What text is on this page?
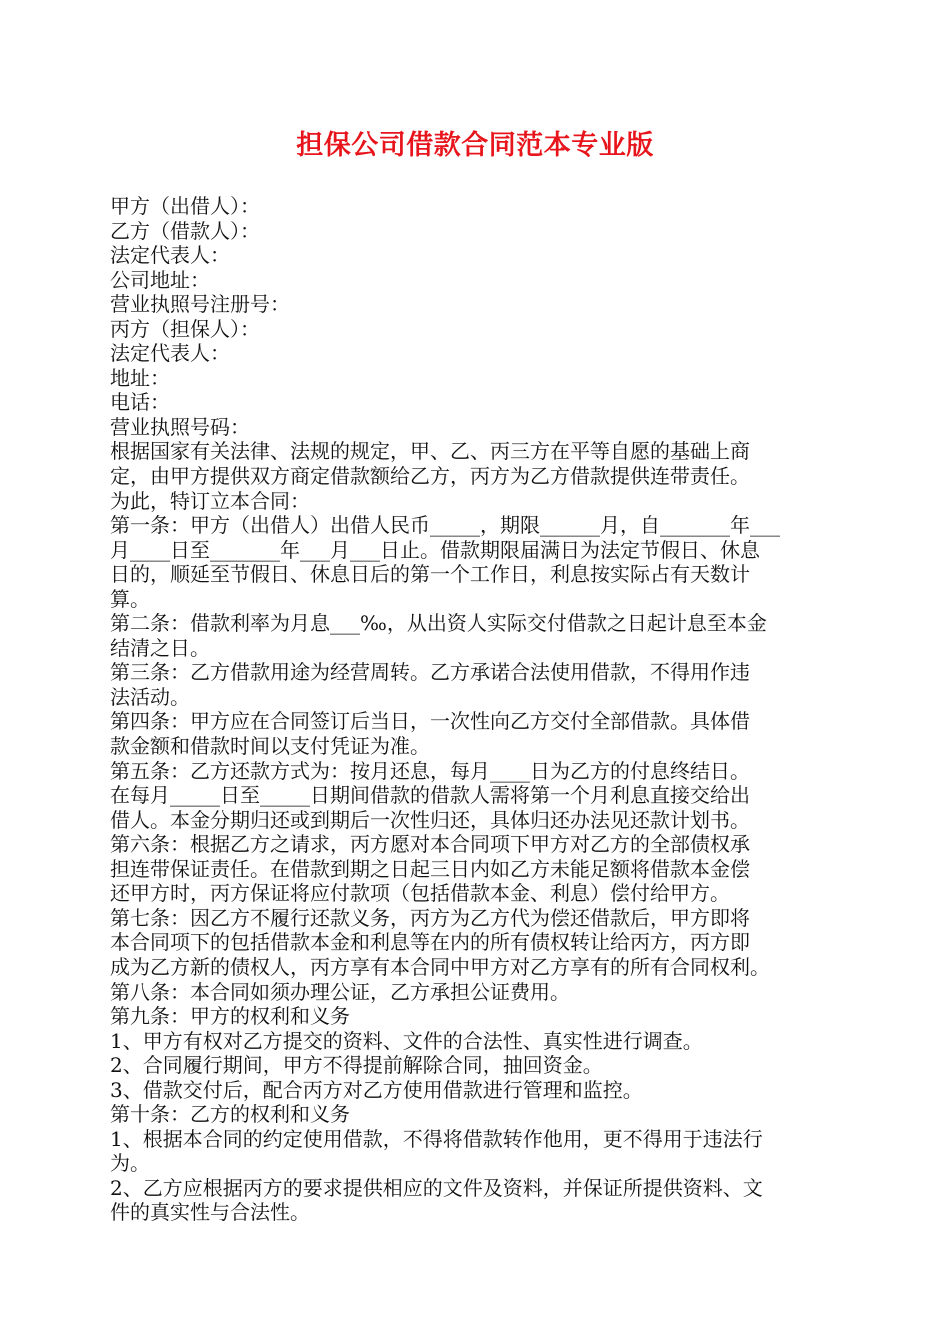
担保公司借款合同范本专业版
甲方（出借人）：
乙方（借款人）：
法定代表人：
公司地址：
营业执照号注册号：
丙方（担保人）：
法定代表人：
地址：
电话：
营业执照号码：
根据国家有关法律、法规的规定，甲、乙、丙三方在平等自愿的基础上商
定，由甲方提供双方商定借款额给乙方，丙方为乙方借款提供连带责任。
为此，特订立本合同：
第一条：甲方（出借人）出借人民币_____，期限______月，自_______年___
月____日至_______年___月___日止。借款期限届满日为法定节假日、休息
日的，顺延至节假日、休息日后的第一个工作日，利息按实际占有天数计
算。
第二条：借款利率为月息___‰，从出资人实际交付借款之日起计息至本金
结清之日。
第三条：乙方借款用途为经营周转。乙方承诺合法使用借款，不得用作违
法活动。
第四条：甲方应在合同签订后当日，一次性向乙方交付全部借款。具体借
款金额和借款时间以支付凭证为准。
第五条：乙方还款方式为：按月还息，每月____日为乙方的付息终结日。
在每月_____日至_____日期间借款的借款人需将第一个月利息直接交给出
借人。本金分期归还或到期后一次性归还，具体归还办法见还款计划书。
第六条：根据乙方之请求，丙方愿对本合同项下甲方对乙方的全部债权承
担连带保证责任。在借款到期之日起三日内如乙方未能足额将借款本金偿
还甲方时，丙方保证将应付款项（包括借款本金、利息）偿付给甲方。
第七条：因乙方不履行还款义务，丙方为乙方代为偿还借款后，甲方即将
本合同项下的包括借款本金和利息等在内的所有债权转让给丙方，丙方即
成为乙方新的债权人，丙方享有本合同中甲方对乙方享有的所有合同权利。
第八条：本合同如须办理公证，乙方承担公证费用。
第九条：甲方的权利和义务
1、甲方有权对乙方提交的资料、文件的合法性、真实性进行调查。
2、合同履行期间，甲方不得提前解除合同，抽回资金。
3、借款交付后，配合丙方对乙方使用借款进行管理和监控。
第十条：乙方的权利和义务
1、根据本合同的约定使用借款，不得将借款转作他用，更不得用于违法行
为。
2、乙方应根据丙方的要求提供相应的文件及资料，并保证所提供资料、文
件的真实性与合法性。
